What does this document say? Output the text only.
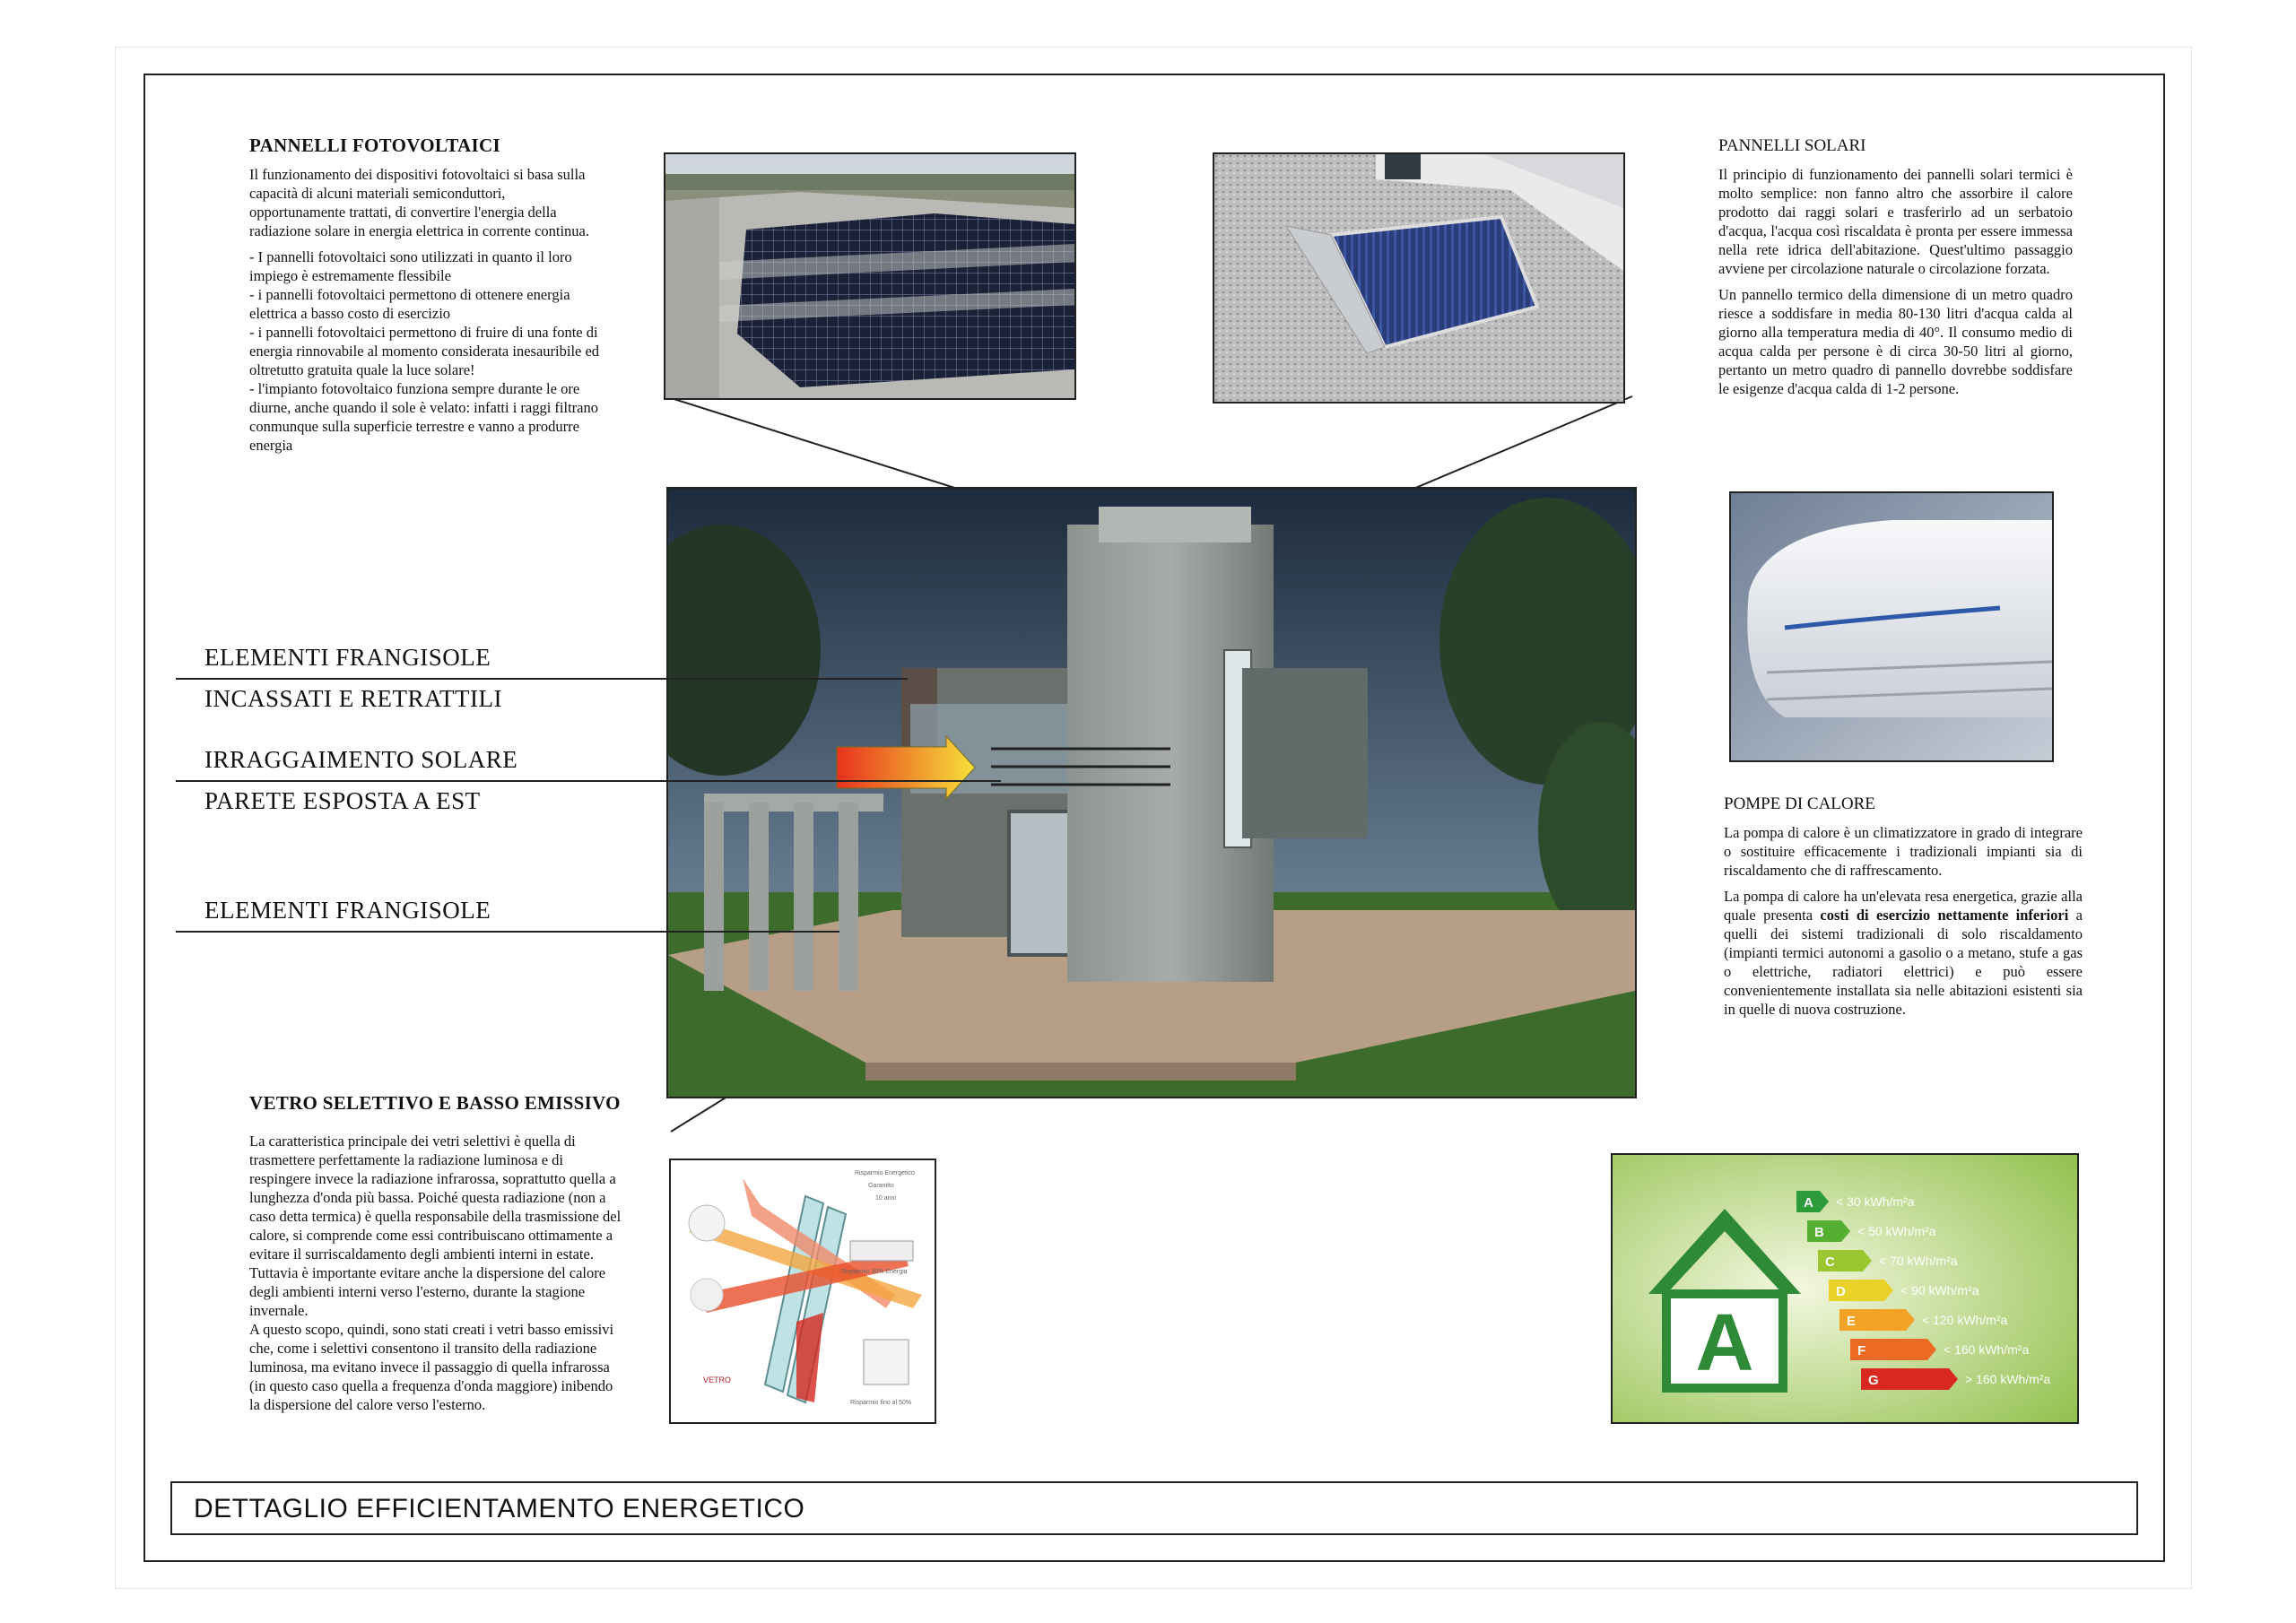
PANNELLI FOTOVOLTAICI

Il funzionamento dei dispositivi fotovoltaici si basa sulla capacità di alcuni materiali semiconduttori, opportunamente trattati, di convertire l'energia della radiazione solare in energia elettrica in corrente continua.

- I pannelli fotovoltaici sono utilizzati in quanto il loro impiego è estremamente flessibile

- i pannelli fotovoltaici permettono di ottenere energia elettrica a basso costo di esercizio

- i pannelli fotovoltaici permettono di fruire di una fonte di energia rinnovabile al momento considerata inesauribile ed oltretutto gratuita quale la luce solare!

- l'impianto fotovoltaico funziona sempre durante le ore diurne, anche quando il sole è velato: infatti i raggi filtrano conmunque sulla superficie terrestre e vanno a produrre energia

PANNELLI SOLARI

Il principio di funzionamento dei pannelli solari termici è molto semplice: non fanno altro che assorbire il calore prodotto dai raggi solari e trasferirlo ad un serbatoio d'acqua, l'acqua così riscaldata è pronta per essere immessa nella rete idrica dell'abitazione. Quest'ultimo passaggio avviene per circolazione naturale o circolazione forzata.

Un pannello termico della dimensione di un metro quadro riesce a soddisfare in media 80-130 litri d'acqua calda al giorno alla temperatura media di 40°. Il consumo medio di acqua calda per persone è di circa 30-50 litri al giorno, pertanto un metro quadro di pannello dovrebbe soddisfare le esigenze d'acqua calda di 1-2 persone.

ELEMENTI FRANGISOLE
INCASSATI E RETRATTILI
IRRAGGAIMENTO SOLARE
PARETE ESPOSTA A EST
ELEMENTI FRANGISOLE
POMPE DI CALORE

La pompa di calore è un climatizzatore in grado di integrare o sostituire efficacemente i tradizionali impianti sia di riscaldamento che di raffrescamento.

La pompa di calore ha un'elevata resa energetica, grazie alla quale presenta costi di esercizio nettamente inferiori a quelli dei sistemi tradizionali di solo riscaldamento (impianti termici autonomi a gasolio o a metano, stufe a gas o elettriche, radiatori elettrici) e può essere convenientemente installata sia nelle abitazioni esistenti sia in quelle di nuova costruzione.

VETRO SELETTIVO E BASSO EMISSIVO

La caratteristica principale dei vetri selettivi è quella di trasmettere perfettamente la radiazione luminosa e di respingere invece la radiazione infrarossa, soprattutto quella a lunghezza d'onda più bassa. Poiché questa radiazione (non a caso detta termica) è quella responsabile della trasmissione del calore, si comprende come essi contribuiscano ottimamente a evitare il surriscaldamento degli ambienti interni in estate. Tuttavia è importante evitare anche la dispersione del calore degli ambienti interni verso l'esterno, durante la stagione invernale.

A questo scopo, quindi, sono stati creati i vetri basso emissivi che, come i selettivi consentono il transito della radiazione luminosa, ma evitano invece il passaggio di quella infrarossa (in questo caso quella a frequenza d'onda maggiore) inibendo la dispersione del calore verso l'esterno.

Risparmio Energetico
Garantito
10 anni
Risparmio 30% Energia
Risparmio fino al 50%
VETRO	A
A < 30 kWh/m²a
B	< 50 kWh/m²a
C	< 70 kWh/m²a
D	< 90 kWh/m²a
E	< 120 kWh/m²a
F	< 160 kWh/m²a
G	> 160 kWh/m²a
DETTAGLIO EFFICIENTAMENTO ENERGETICO
